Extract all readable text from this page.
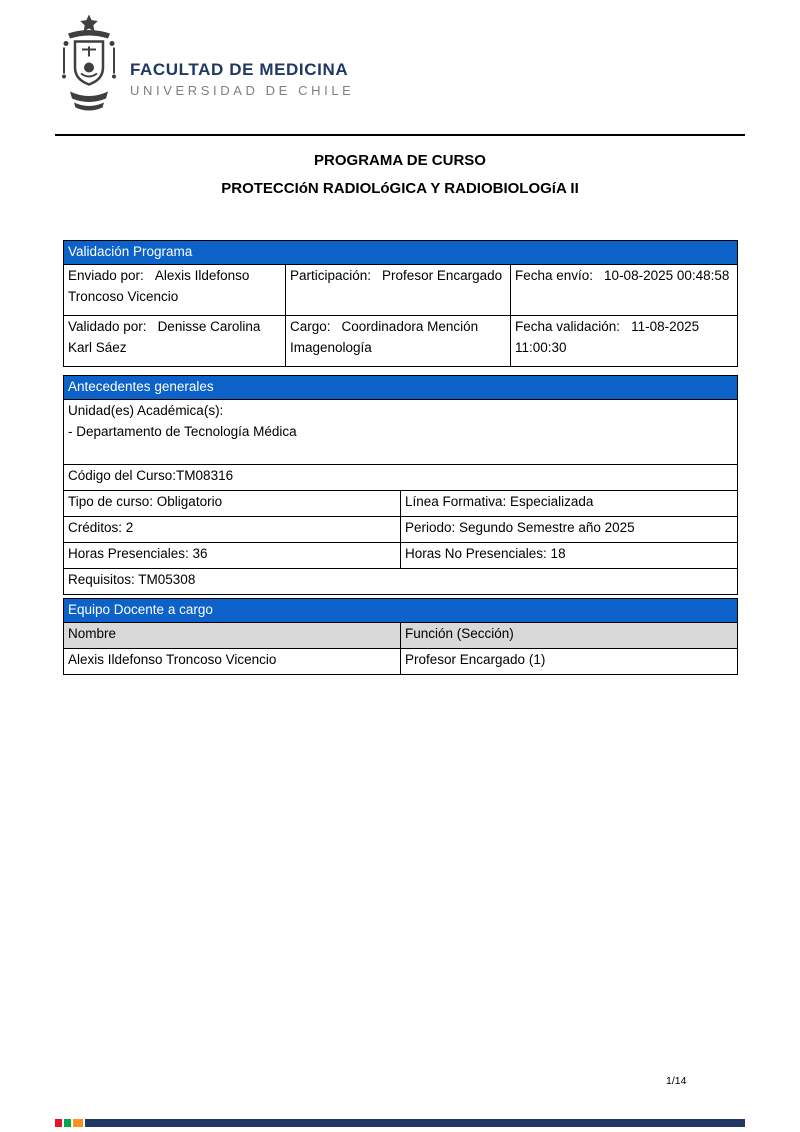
FACULTAD DE MEDICINA
UNIVERSIDAD DE CHILE
PROGRAMA DE CURSO
PROTECCIóN RADIOLóGICA Y RADIOBIOLOGíA II
Validación Programa		
Enviado por: Alexis Ildefonso Troncoso Vicencio	Participación: Profesor Encargado	Fecha envío: 10-08-2025 00:48:58
Validado por: Denisse Carolina Karl Sáez	Cargo: Coordinadora Mención Imagenología	Fecha validación: 11-08-2025 11:00:30
Antecedentes generales	

Unidad(es) Académica(s):
- Departamento de Tecnología Médica	

Código del Curso:TM08316	
Tipo de curso: Obligatorio	Línea Formativa: Especializada
Créditos: 2	Periodo: Segundo Semestre año 2025
Horas Presenciales: 36	Horas No Presenciales: 18
Requisitos: TM05308	
Equipo Docente a cargo	
Nombre	Función (Sección)
Alexis Ildefonso Troncoso Vicencio	Profesor Encargado (1)
1/14
